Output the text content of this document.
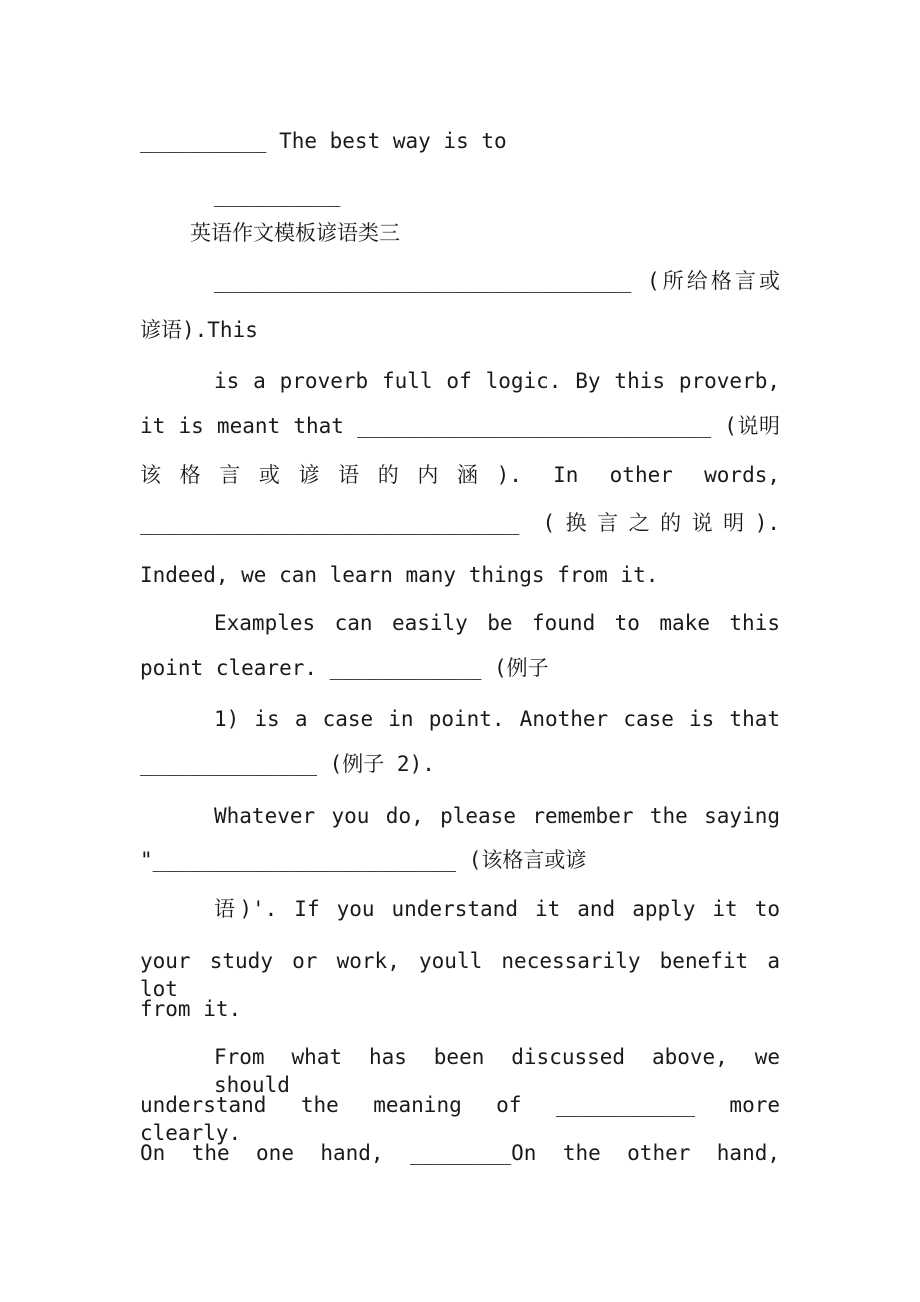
__________ The best way is to
__________
英语作文模板谚语类三
_________________________________ (所给格言或
谚语).This
is a proverb full of logic. By this proverb,
it is meant that ____________________________ (说明
该格言或谚语的内涵). In other words,
______________________________ (换言之的说明).
Indeed, we can learn many things from it.
Examples can easily be found to make this
point clearer. ____________ (例子
1) is a case in point. Another case is that
______________ (例子 2).
Whatever you do, please remember the saying
"________________________ (该格言或谚
语)'. If you understand it and apply it to
your study or work, youll necessarily benefit a lot
from it.
From what has been discussed above, we should
understand the meaning of ___________ more clearly.
On the one hand, ________On the other hand,
